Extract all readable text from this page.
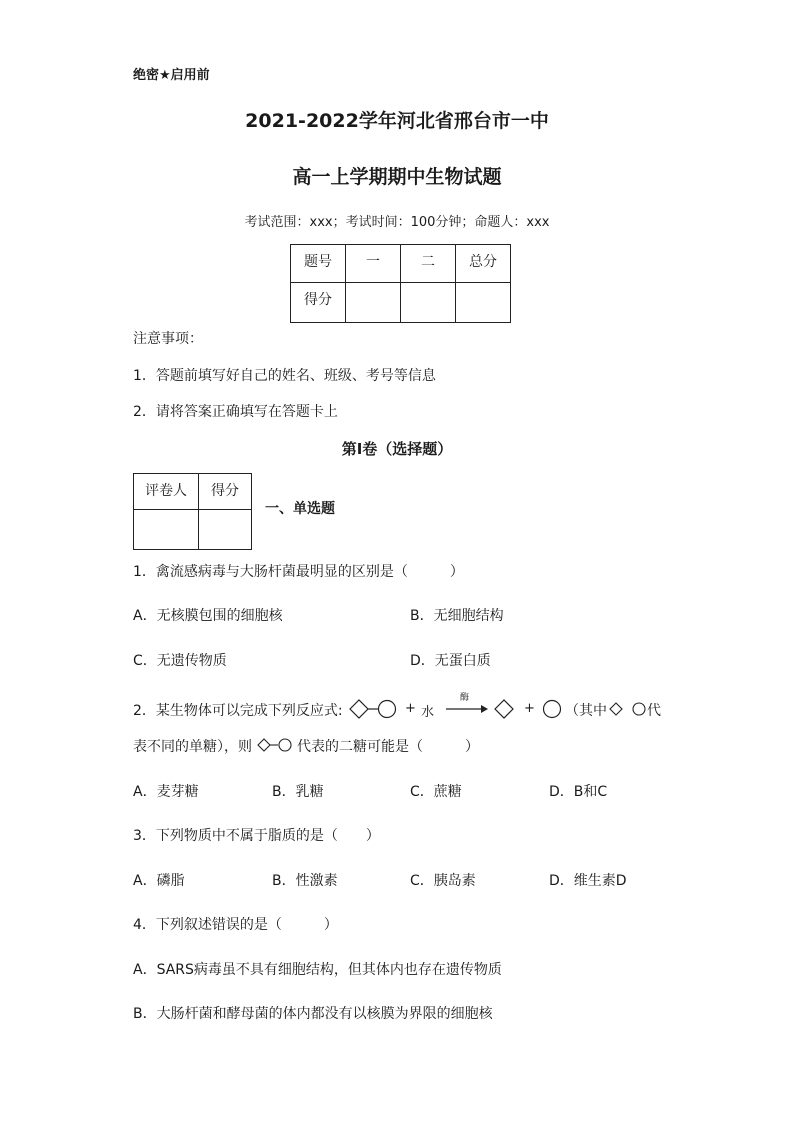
绝密★启用前
2021-2022学年河北省邢台市一中
高一上学期期中生物试题
考试范围：xxx；考试时间：100分钟；命题人：xxx
题号	一	二	总分
得分			
注意事项：
1．答题前填写好自己的姓名、班级、考号等信息
2．请将答案正确填写在答题卡上
第I卷（选择题）
评卷人	得分

一、单选题
1．禽流感病毒与大肠杆菌最明显的区别是（　　　）
A．无核膜包围的细胞核	B．无细胞结构
C．无遗传物质	D．无蛋白质
2．某生物体可以完成下列反应式:	+ 水
酶
+ （其中	代
表不同的单糖），则	代表的二糖可能是（　　　）
A．麦芽糖	B．乳糖	C．蔗糖	D．B和C
3．下列物质中不属于脂质的是（　　）
A．磷脂	B．性激素	C．胰岛素	D．维生素D
4．下列叙述错误的是（　　　）
A．SARS病毒虽不具有细胞结构，但其体内也存在遗传物质
B．大肠杆菌和酵母菌的体内都没有以核膜为界限的细胞核
